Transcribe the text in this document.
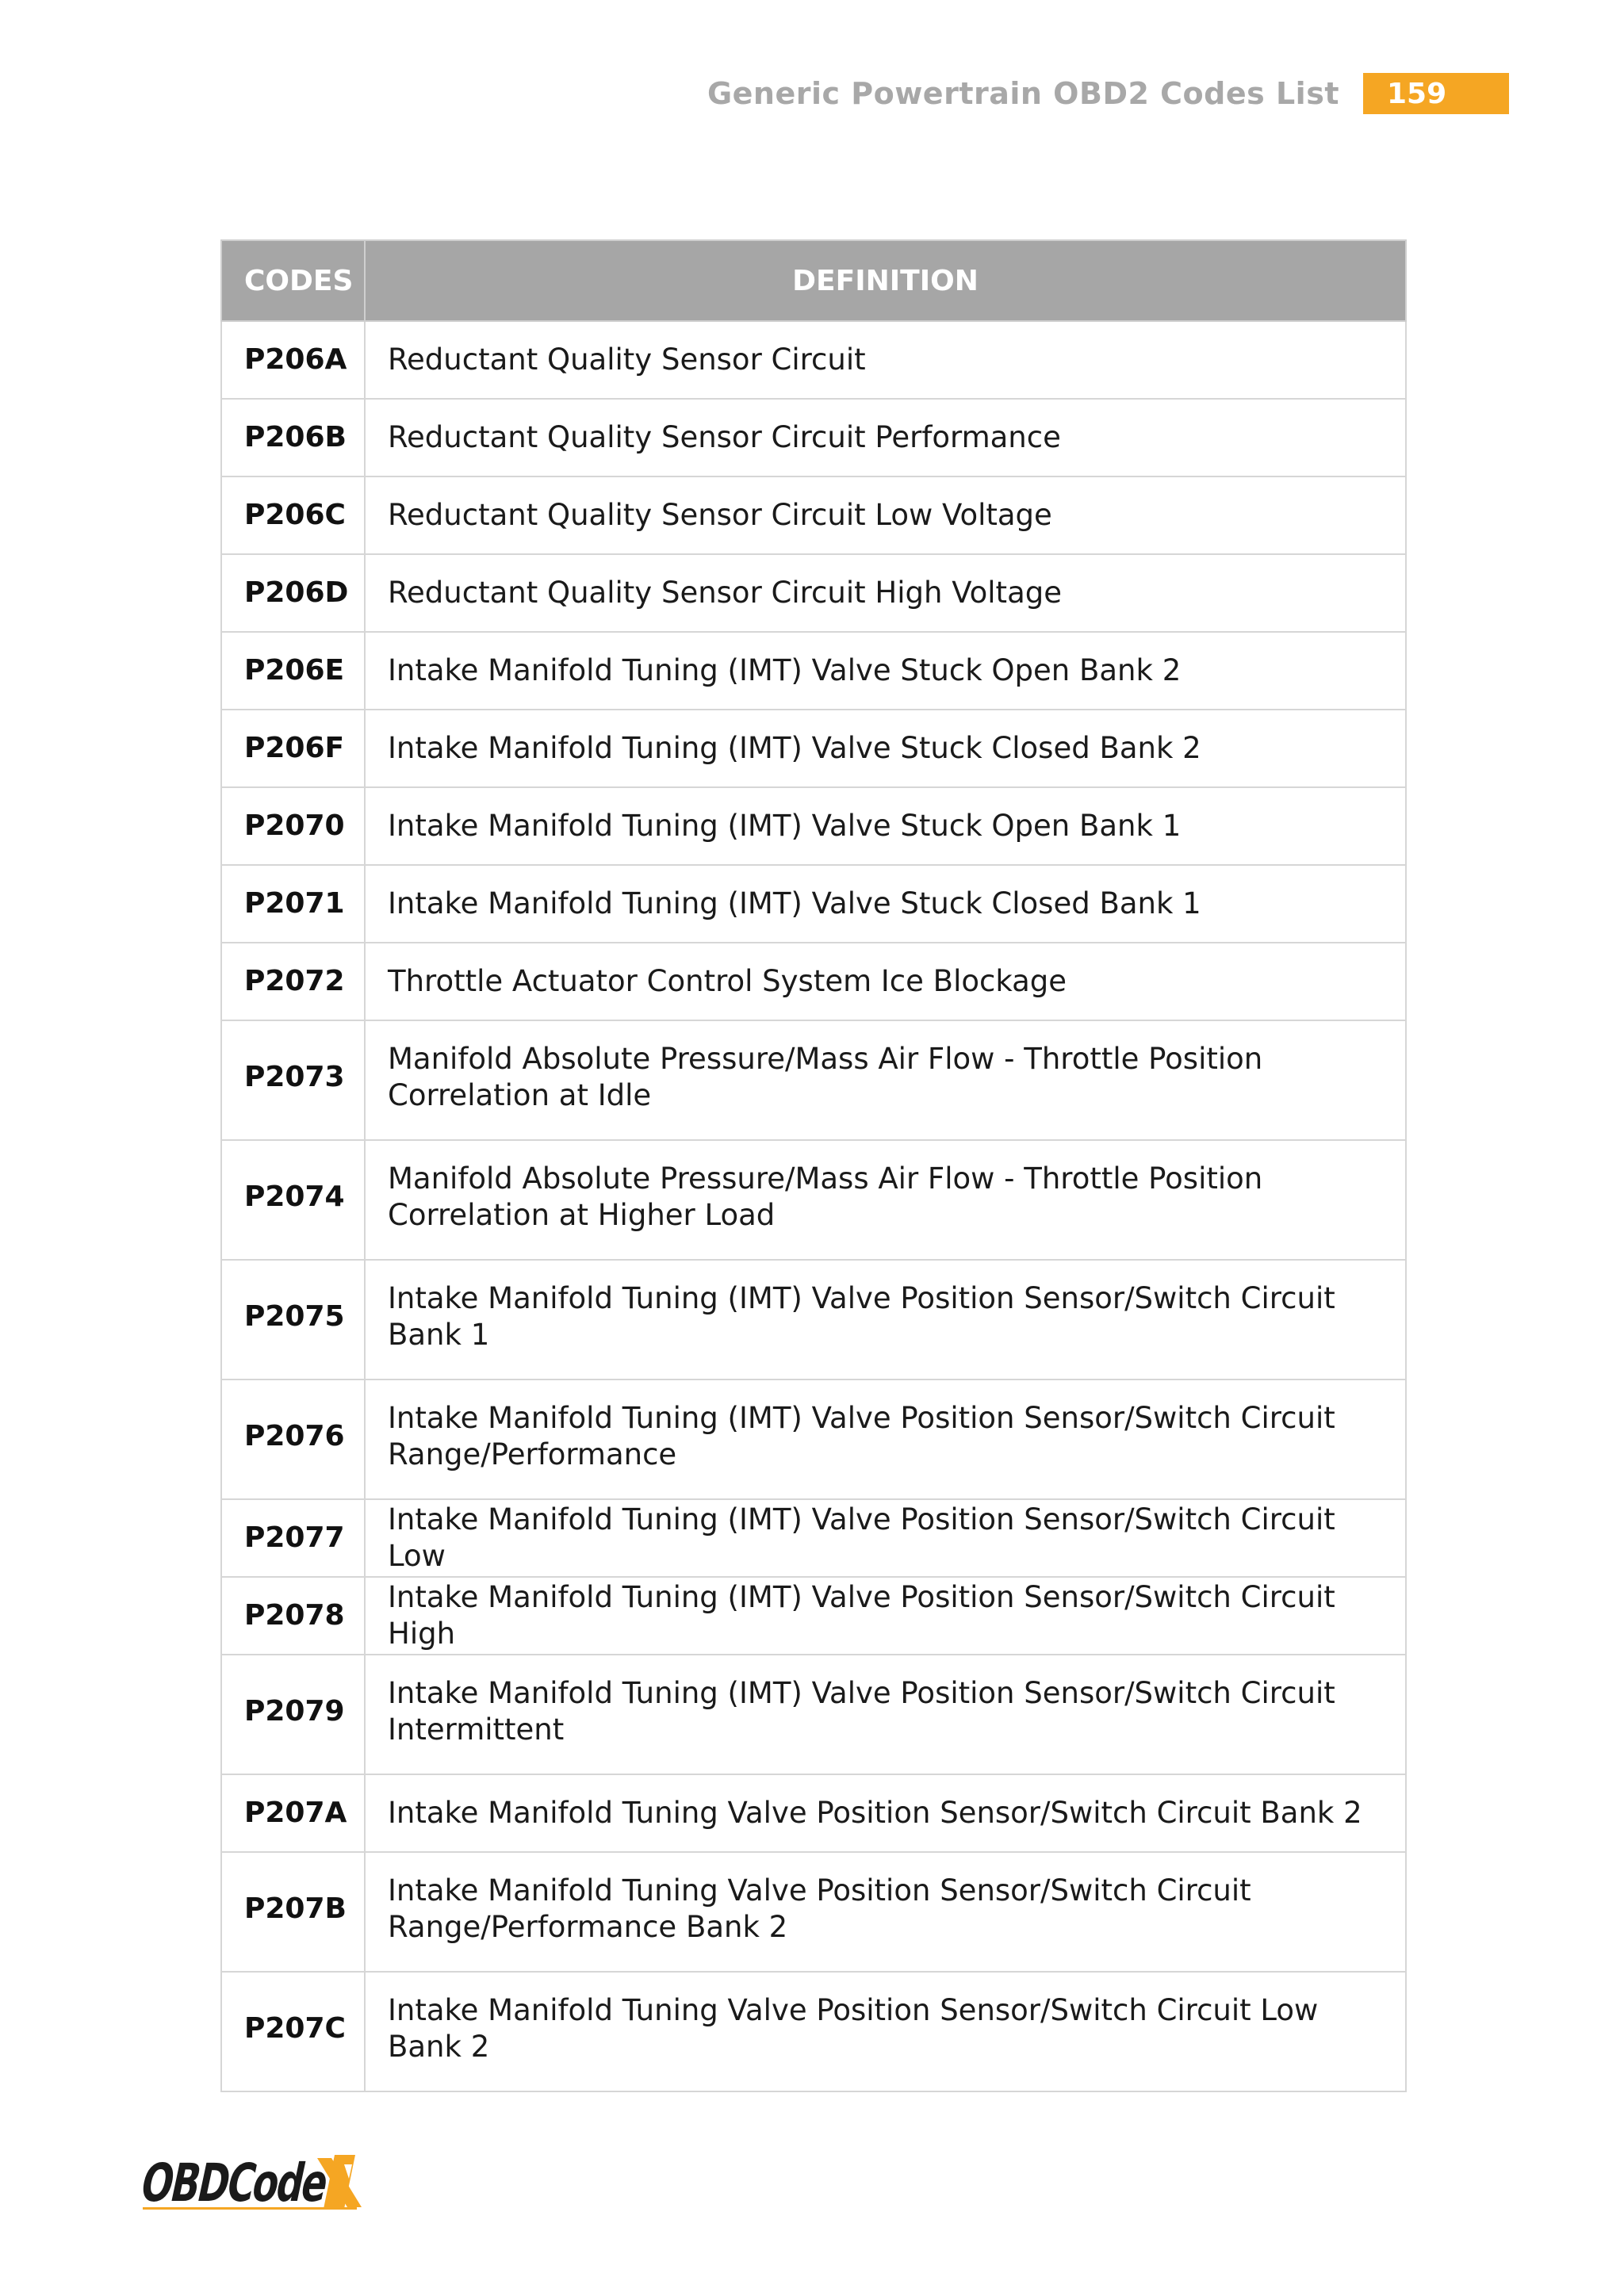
Generic Powertrain OBD2 Codes List	159
CODES	DEFINITION
P206A	Reductant Quality Sensor Circuit
P206B	Reductant Quality Sensor Circuit Performance
P206C	Reductant Quality Sensor Circuit Low Voltage
P206D	Reductant Quality Sensor Circuit High Voltage
P206E	Intake Manifold Tuning (IMT) Valve Stuck Open Bank 2
P206F	Intake Manifold Tuning (IMT) Valve Stuck Closed Bank 2
P2070	Intake Manifold Tuning (IMT) Valve Stuck Open Bank 1
P2071	Intake Manifold Tuning (IMT) Valve Stuck Closed Bank 1
P2072	Throttle Actuator Control System Ice Blockage
P2073	Manifold Absolute Pressure/Mass Air Flow - Throttle Position Correlation at Idle
P2074	Manifold Absolute Pressure/Mass Air Flow - Throttle Position Correlation at Higher Load
P2075	Intake Manifold Tuning (IMT) Valve Position Sensor/Switch Circuit Bank 1
P2076	Intake Manifold Tuning (IMT) Valve Position Sensor/Switch Circuit Range/Performance
P2077	Intake Manifold Tuning (IMT) Valve Position Sensor/Switch Circuit Low
P2078	Intake Manifold Tuning (IMT) Valve Position Sensor/Switch Circuit High
P2079	Intake Manifold Tuning (IMT) Valve Position Sensor/Switch Circuit Intermittent
P207A	Intake Manifold Tuning Valve Position Sensor/Switch Circuit Bank 2
P207B	Intake Manifold Tuning Valve Position Sensor/Switch Circuit Range/Performance Bank 2
P207C	Intake Manifold Tuning Valve Position Sensor/Switch Circuit Low Bank 2
OBDCode
